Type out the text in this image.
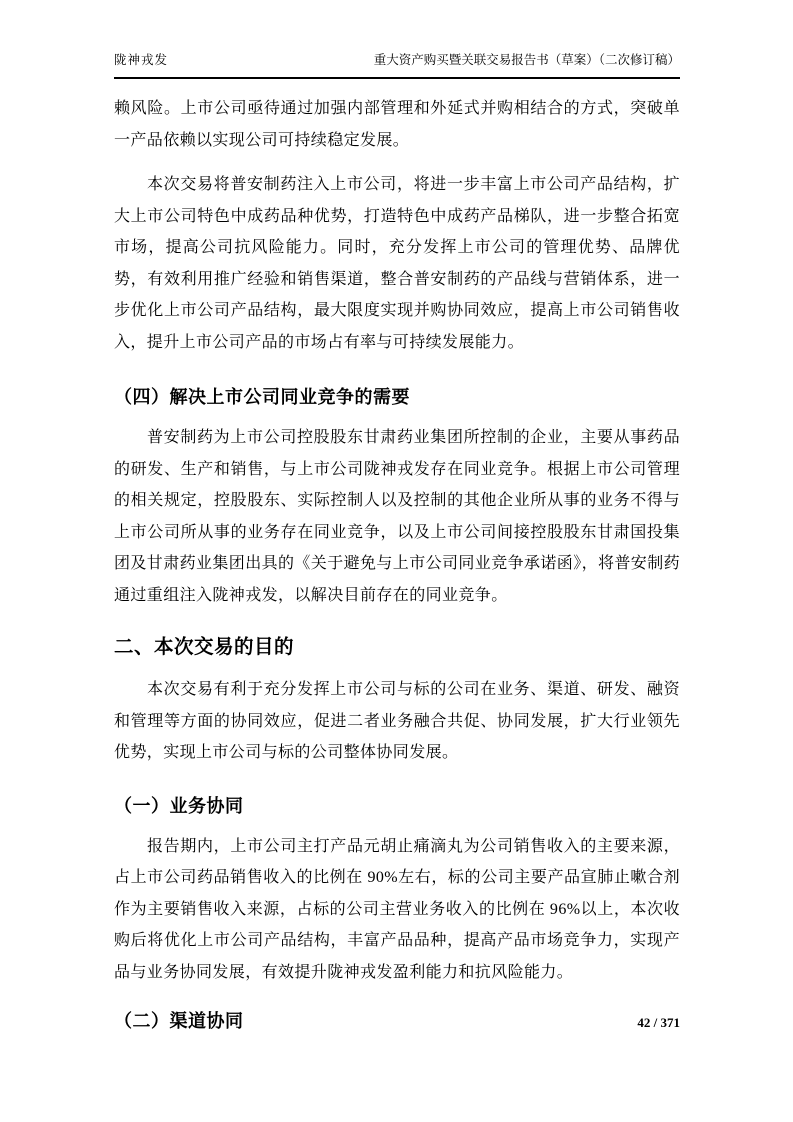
陇神戎发	重大资产购买暨关联交易报告书（草案）（二次修订稿）

赖风险。上市公司亟待通过加强内部管理和外延式并购相结合的方式，突破单一产品依赖以实现公司可持续稳定发展。

本次交易将普安制药注入上市公司，将进一步丰富上市公司产品结构，扩大上市公司特色中成药品种优势，打造特色中成药产品梯队，进一步整合拓宽市场，提高公司抗风险能力。同时，充分发挥上市公司的管理优势、品牌优势，有效利用推广经验和销售渠道，整合普安制药的产品线与营销体系，进一步优化上市公司产品结构，最大限度实现并购协同效应，提高上市公司销售收入，提升上市公司产品的市场占有率与可持续发展能力。

（四）解决上市公司同业竞争的需要

普安制药为上市公司控股股东甘肃药业集团所控制的企业，主要从事药品的研发、生产和销售，与上市公司陇神戎发存在同业竞争。根据上市公司管理的相关规定，控股股东、实际控制人以及控制的其他企业所从事的业务不得与上市公司所从事的业务存在同业竞争，以及上市公司间接控股股东甘肃国投集团及甘肃药业集团出具的《关于避免与上市公司同业竞争承诺函》，将普安制药通过重组注入陇神戎发，以解决目前存在的同业竞争。

二、本次交易的目的

本次交易有利于充分发挥上市公司与标的公司在业务、渠道、研发、融资和管理等方面的协同效应，促进二者业务融合共促、协同发展，扩大行业领先优势，实现上市公司与标的公司整体协同发展。

（一）业务协同

报告期内，上市公司主打产品元胡止痛滴丸为公司销售收入的主要来源，占上市公司药品销售收入的比例在 90%左右，标的公司主要产品宣肺止嗽合剂作为主要销售收入来源，占标的公司主营业务收入的比例在 96%以上，本次收购后将优化上市公司产品结构，丰富产品品种，提高产品市场竞争力，实现产品与业务协同发展，有效提升陇神戎发盈利能力和抗风险能力。

（二）渠道协同	42 / 371
